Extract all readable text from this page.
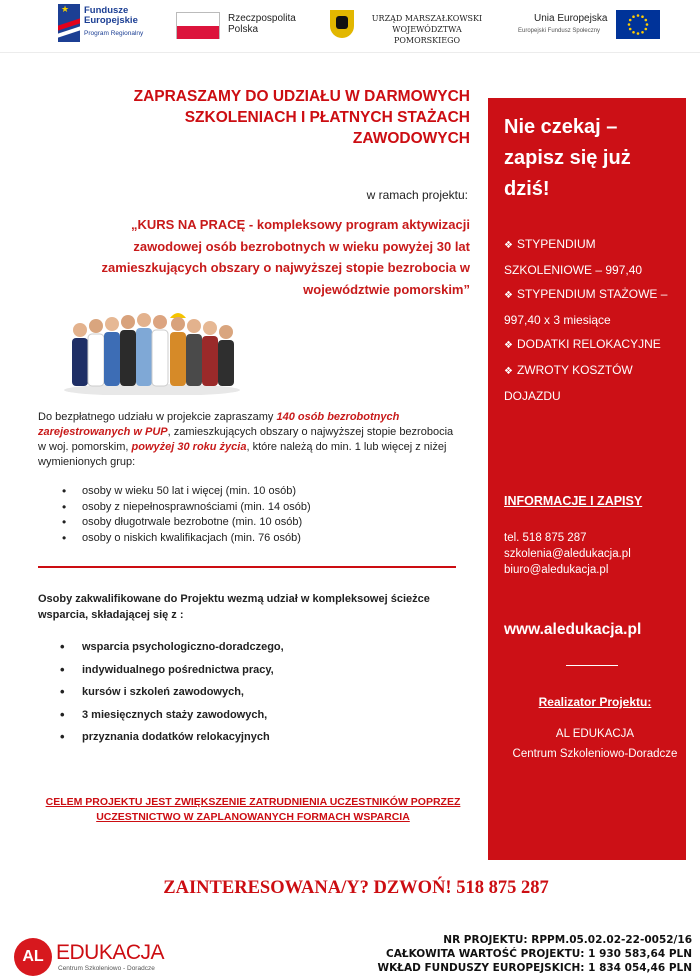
★ Fundusze Europejskie
Program Regionalny
Rzeczpospolita Polska
URZĄD MARSZAŁKOWSKI
WOJEWÓDZTWA POMORSKIEGO
Unia Europejska
Europejski Fundusz Społeczny
ZAPRASZAMY DO UDZIAŁU W DARMOWYCH SZKOLENIACH I PŁATNYCH STAŻACH ZAWODOWYCH
w ramach projektu:
„KURS NA PRACĘ - kompleksowy program aktywizacji zawodowej osób bezrobotnych w wieku powyżej 30 lat zamieszkujących obszary o najwyższej stopie bezrobocia w województwie pomorskim”
Do bezpłatnego udziału w projekcie zapraszamy 140 osób bezrobotnych zarejestrowanych w PUP, zamieszkujących obszary o najwyższej stopie bezrobocia w woj. pomorskim, powyżej 30 roku życia, które należą do min. 1 lub więcej z niżej wymienionych grup:
• osoby w wieku 50 lat i więcej (min. 10 osób)
• osoby z niepełnosprawnościami (min. 14 osób)
• osoby długotrwale bezrobotne (min. 10 osób)
• osoby o niskich kwalifikacjach (min. 76 osób)
Osoby zakwalifikowane do Projektu wezmą udział w kompleksowej ścieżce wsparcia, składającej się z :
• wsparcia psychologiczno-doradczego,
• indywidualnego pośrednictwa pracy,
• kursów i szkoleń zawodowych,
• 3 miesięcznych staży zawodowych,
• przyznania dodatków relokacyjnych
CELEM PROJEKTU JEST ZWIĘKSZENIE ZATRUDNIENIA UCZESTNIKÓW POPRZEZ UCZESTNICTWO W ZAPLANOWANYCH FORMACH WSPARCIA
Nie czekaj – zapisz się już dziś!
❖ STYPENDIUM SZKOLENIOWE – 997,40
❖ STYPENDIUM STAŻOWE – 997,40 x 3 miesiące
❖ DODATKI RELOKACYJNE
❖ ZWROTY KOSZTÓW DOJAZDU
INFORMACJE I ZAPISY
tel. 518 875 287
szkolenia@aledukacja.pl
biuro@aledukacja.pl
www.aledukacja.pl
Realizator Projektu:
AL EDUKACJA
Centrum Szkoleniowo-Doradcze
ZAINTERESOWANA/Y? DZWOŃ! 518 875 287
AL EDUKACJA
Centrum Szkoleniowo - Doradcze
NR PROJEKTU: RPPM.05.02.02-22-0052/16
CAŁKOWITA WARTOŚĆ PROJEKTU: 1 930 583,64 PLN
WKŁAD FUNDUSZY EUROPEJSKICH: 1 834 054,46 PLN
